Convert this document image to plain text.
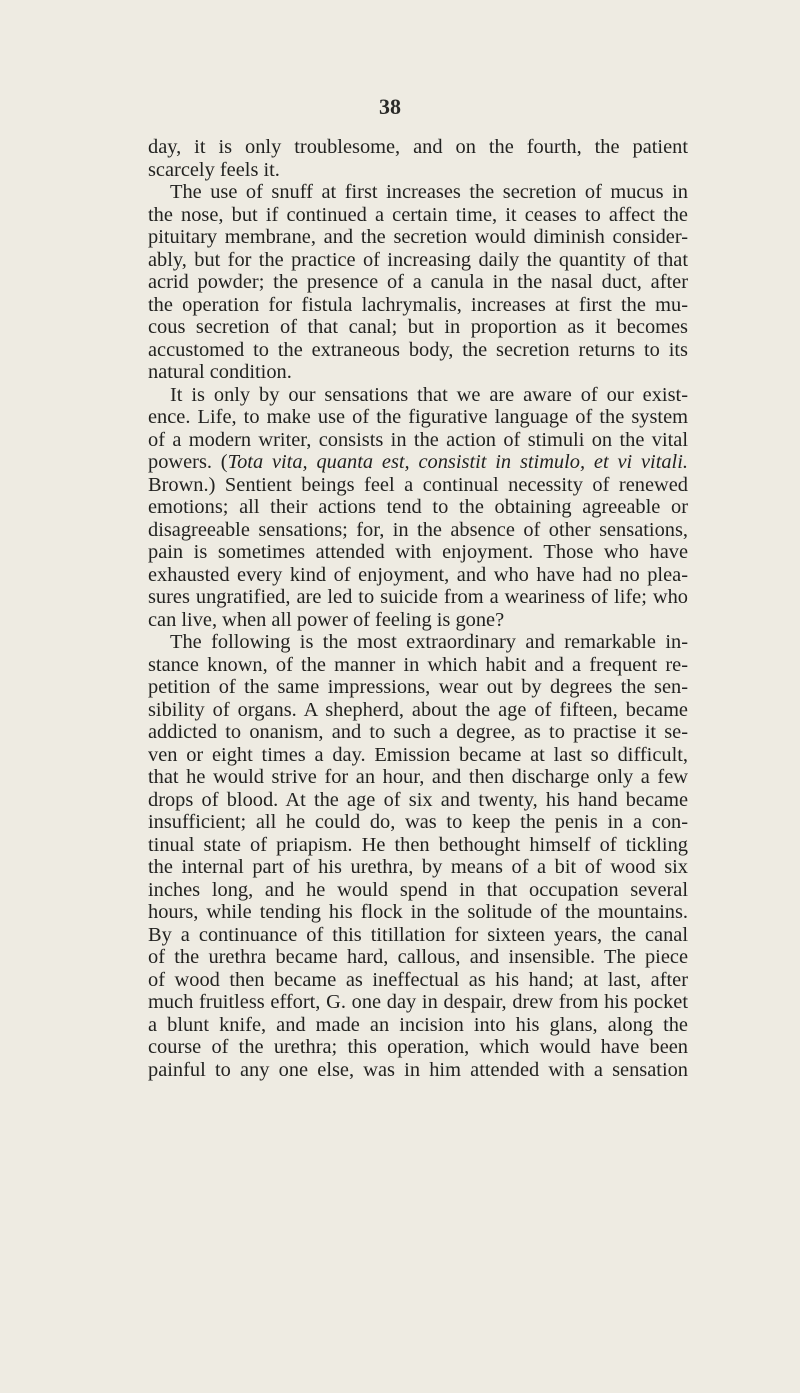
38
day, it is only troublesome, and on the fourth, the patient
scarcely feels it.
The use of snuff at first increases the secretion of mucus in
the nose, but if continued a certain time, it ceases to affect the
pituitary membrane, and the secretion would diminish consider-
ably, but for the practice of increasing daily the quantity of that
acrid powder; the presence of a canula in the nasal duct, after
the operation for fistula lachrymalis, increases at first the mu-
cous secretion of that canal; but in proportion as it becomes
accustomed to the extraneous body, the secretion returns to its
natural condition.
It is only by our sensations that we are aware of our exist-
ence. Life, to make use of the figurative language of the system
of a modern writer, consists in the action of stimuli on the vital
powers. (Tota vita, quanta est, consistit in stimulo, et vi vitali.
Brown.) Sentient beings feel a continual necessity of renewed
emotions; all their actions tend to the obtaining agreeable or
disagreeable sensations; for, in the absence of other sensations,
pain is sometimes attended with enjoyment. Those who have
exhausted every kind of enjoyment, and who have had no plea-
sures ungratified, are led to suicide from a weariness of life; who
can live, when all power of feeling is gone?
The following is the most extraordinary and remarkable in-
stance known, of the manner in which habit and a frequent re-
petition of the same impressions, wear out by degrees the sen-
sibility of organs. A shepherd, about the age of fifteen, became
addicted to onanism, and to such a degree, as to practise it se-
ven or eight times a day. Emission became at last so difficult,
that he would strive for an hour, and then discharge only a few
drops of blood. At the age of six and twenty, his hand became
insufficient; all he could do, was to keep the penis in a con-
tinual state of priapism. He then bethought himself of tickling
the internal part of his urethra, by means of a bit of wood six
inches long, and he would spend in that occupation several
hours, while tending his flock in the solitude of the mountains.
By a continuance of this titillation for sixteen years, the canal
of the urethra became hard, callous, and insensible. The piece
of wood then became as ineffectual as his hand; at last, after
much fruitless effort, G. one day in despair, drew from his pocket
a blunt knife, and made an incision into his glans, along the
course of the urethra; this operation, which would have been
painful to any one else, was in him attended with a sensation
